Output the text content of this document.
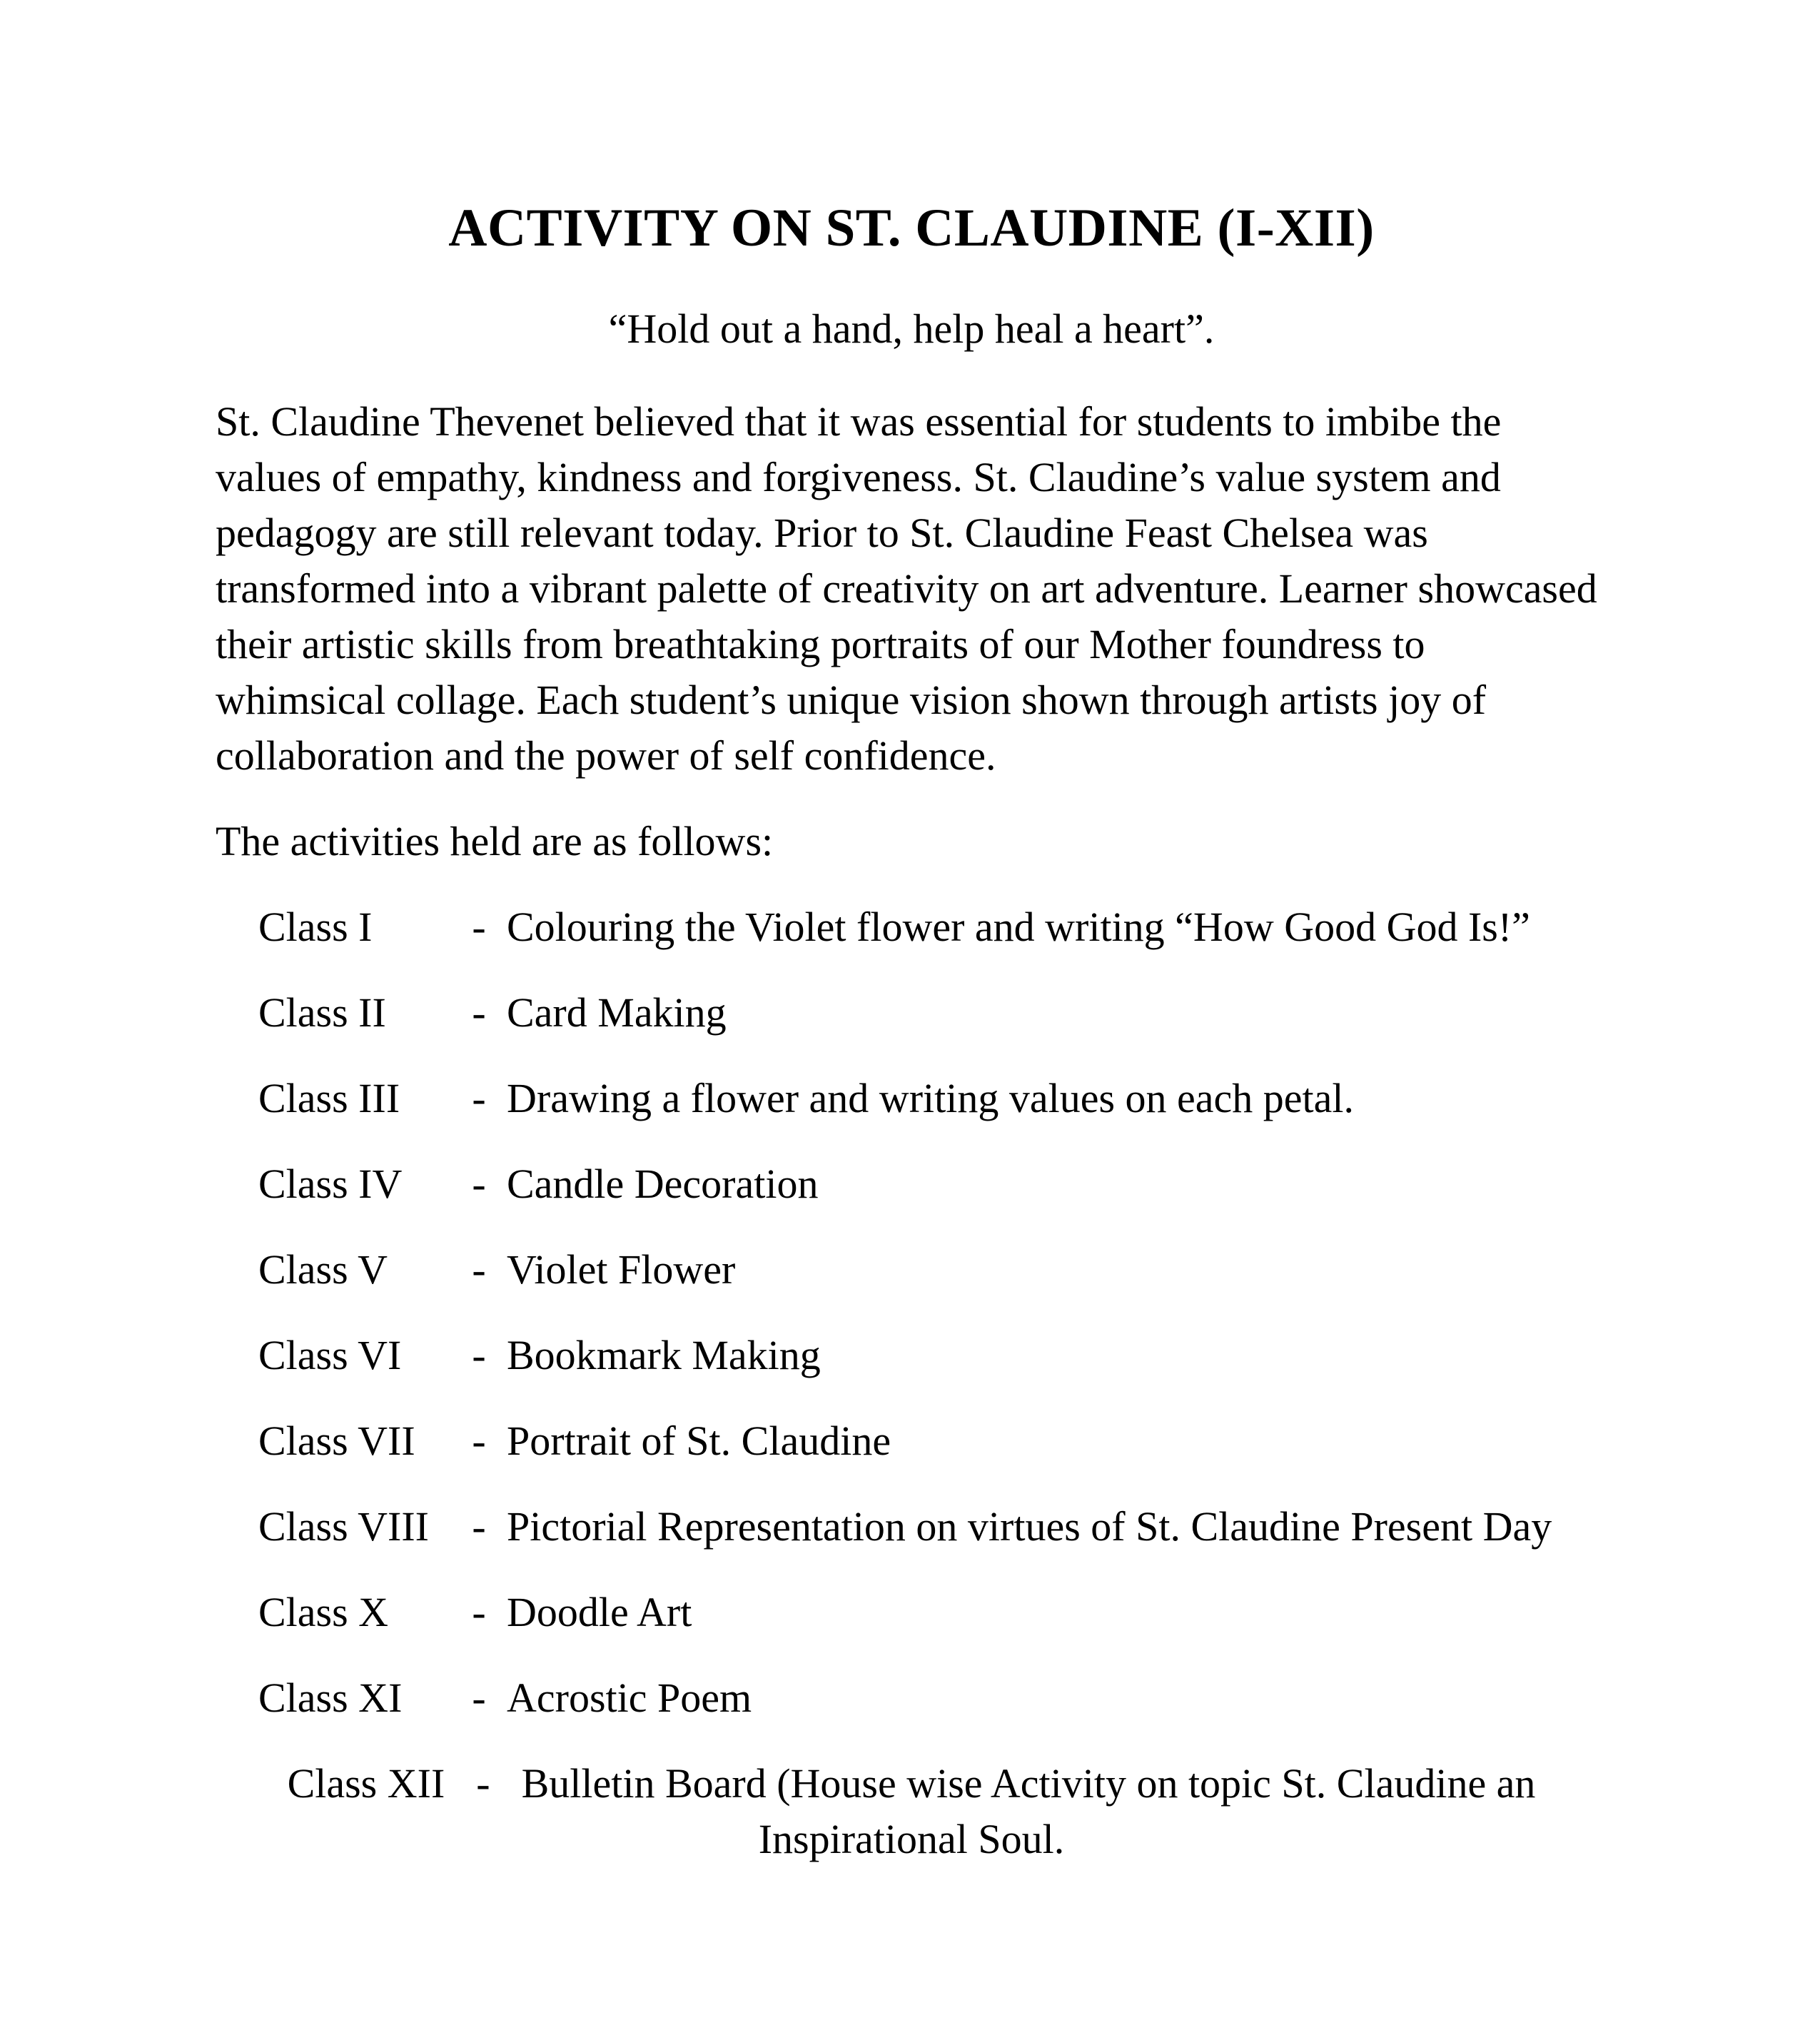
ACTIVITY ON ST. CLAUDINE (I-XII)

“Hold out a hand, help heal a heart”.

St. Claudine Thevenet believed that it was essential for students to imbibe the
values of empathy, kindness and forgiveness. St. Claudine’s value system and
pedagogy are still relevant today. Prior to St. Claudine Feast Chelsea was
transformed into a vibrant palette of creativity on art adventure. Learner showcased
their artistic skills from breathtaking portraits of our Mother foundress to
whimsical collage. Each student’s unique vision shown through artists joy of
collaboration and the power of self confidence.

The activities held are as follows:

Class I	- Colouring the Violet flower and writing “How Good God Is!”
Class II	- Card Making
Class III	- Drawing a flower and writing values on each petal.
Class IV	- Candle Decoration
Class V	- Violet Flower
Class VI	- Bookmark Making
Class VII	- Portrait of St. Claudine
Class VIII	- Pictorial Representation on virtues of St. Claudine Present Day
Class X	- Doodle Art
Class XI	- Acrostic Poem
Class XII - Bulletin Board (House wise Activity on topic St. Claudine an

Inspirational Soul.
